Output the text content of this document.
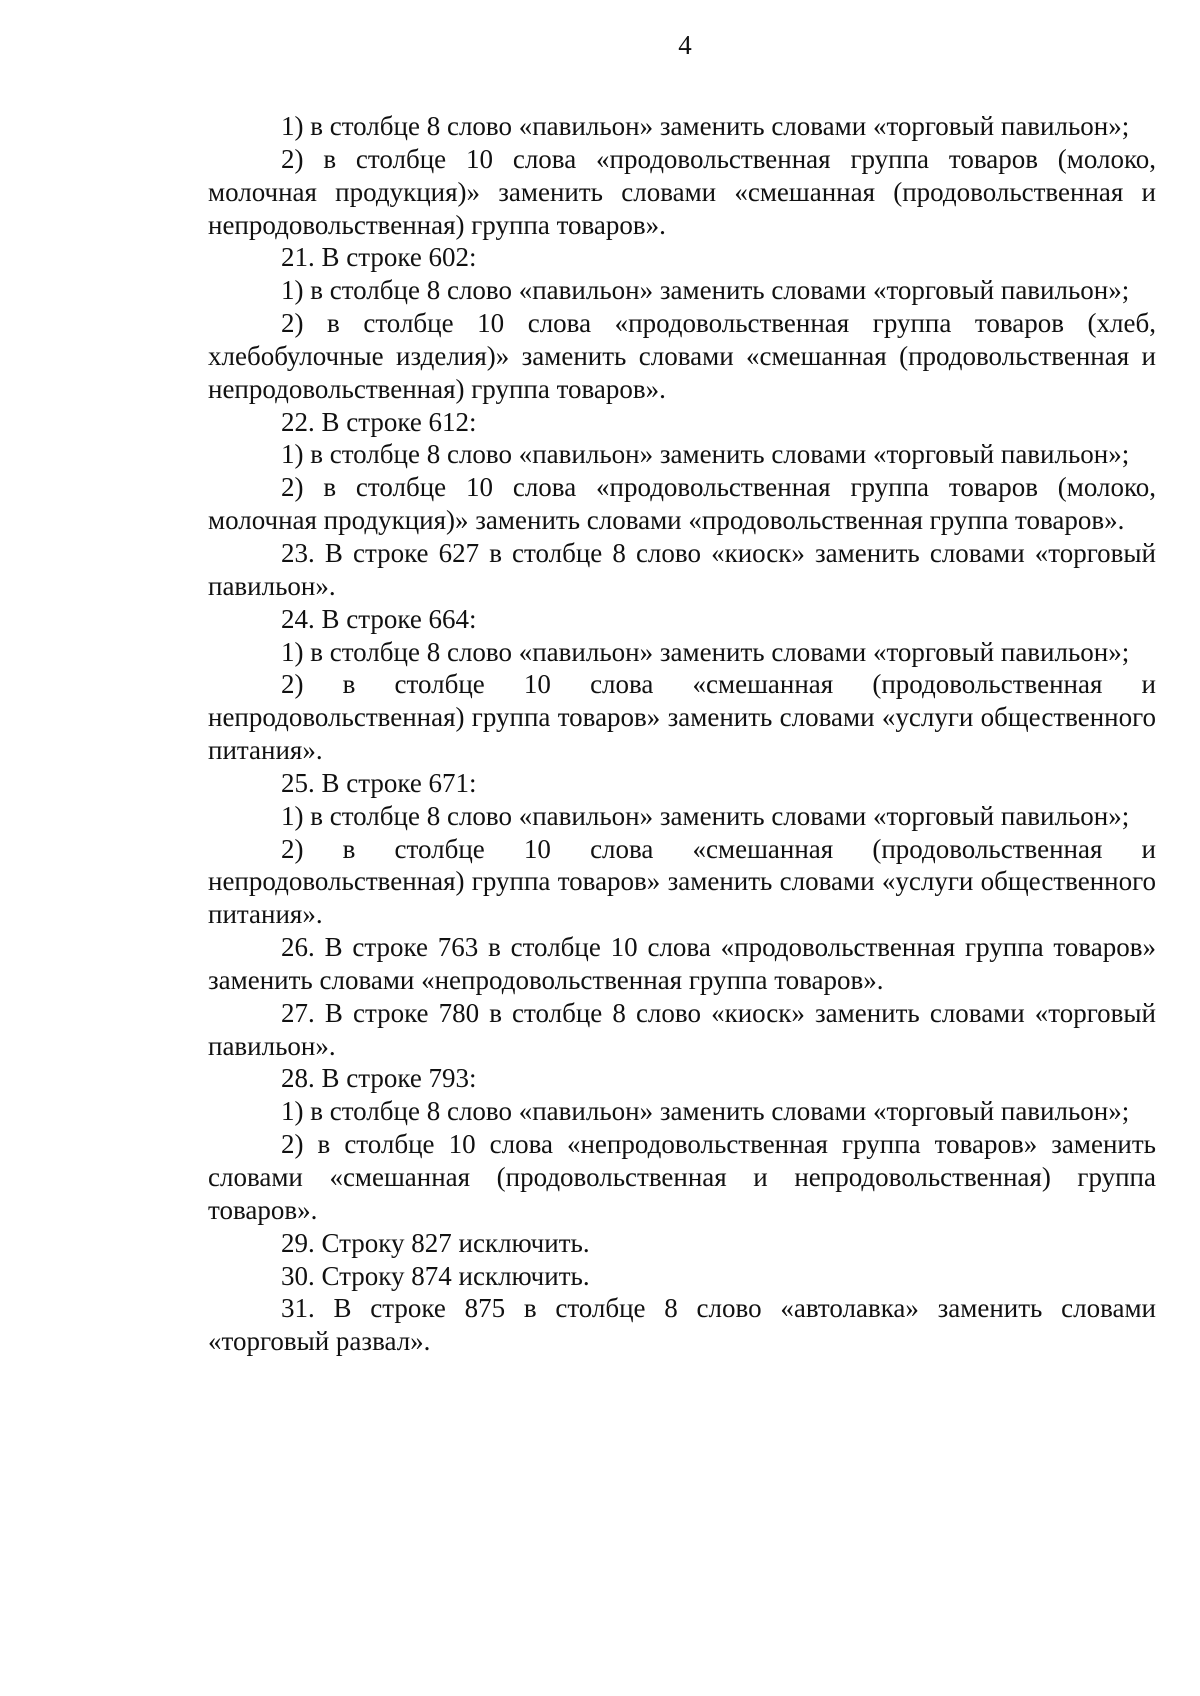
4

1) в столбце 8 слово «павильон» заменить словами «торговый павильон»;

2) в столбце 10 слова «продовольственная группа товаров (молоко, молочная продукция)» заменить словами «смешанная (продовольственная и непродовольственная) группа товаров».

21. В строке 602:

1) в столбце 8 слово «павильон» заменить словами «торговый павильон»;

2) в столбце 10 слова «продовольственная группа товаров (хлеб, хлебобулочные изделия)» заменить словами «смешанная (продовольственная и непродовольственная) группа товаров».

22. В строке 612:

1) в столбце 8 слово «павильон» заменить словами «торговый павильон»;

2) в столбце 10 слова «продовольственная группа товаров (молоко, молочная продукция)» заменить словами «продовольственная группа товаров».

23. В строке 627 в столбце 8 слово «киоск» заменить словами «торговый павильон».

24. В строке 664:

1) в столбце 8 слово «павильон» заменить словами «торговый павильон»;

2) в столбце 10 слова «смешанная (продовольственная и непродовольственная) группа товаров» заменить словами «услуги общественного питания».

25. В строке 671:

1) в столбце 8 слово «павильон» заменить словами «торговый павильон»;

2) в столбце 10 слова «смешанная (продовольственная и непродовольственная) группа товаров» заменить словами «услуги общественного питания».

26. В строке 763 в столбце 10 слова «продовольственная группа товаров» заменить словами «непродовольственная группа товаров».

27. В строке 780 в столбце 8 слово «киоск» заменить словами «торговый павильон».

28. В строке 793:

1) в столбце 8 слово «павильон» заменить словами «торговый павильон»;

2) в столбце 10 слова «непродовольственная группа товаров» заменить словами «смешанная (продовольственная и непродовольственная) группа товаров».

29. Строку 827 исключить.

30. Строку 874 исключить.

31. В строке 875 в столбце 8 слово «автолавка» заменить словами «торговый развал».
